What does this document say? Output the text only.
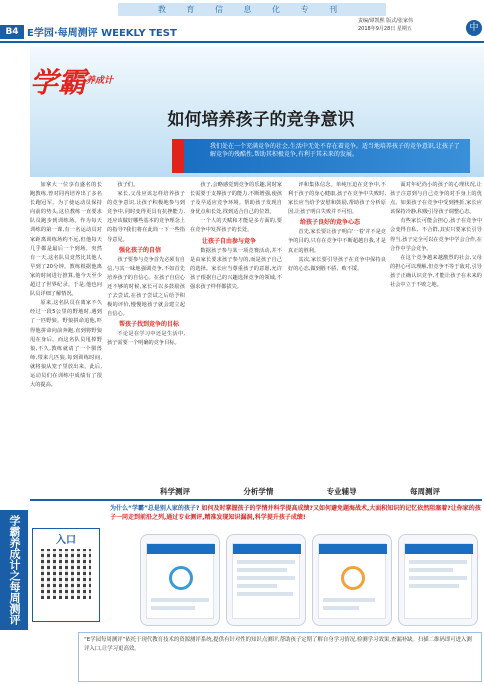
教 育 信 息 化 专 刊
B4 E学园·每周测评 WEEKLY TEST
责编/谭凯熙 版式/张家伟
2018年9月28日 星期五	中
学霸 养成计
如何培养孩子的竞争意识
我们处在一个充满竞争的社会,生活中无处不存在着竞争。适当地培养孩子的竞争意识,让孩子了解竞争的残酷性,帮助其积极竞争,有利于其未来的发展。

加拿大一位享有盛名的长跑教练,曾对同内培养出了多名长跑冠军。为了使运动员保持向前的势头,这位教练一直要求队员跑步到训练场。作为每天训练的第一课,有一名运动员对家距离训练场约不远,但他每天几乎都是最后一个到场。突然有一天,这名队员竟然比其他人早到了20分钟。教练根据他离家的时间进行推算,他今天至少超过了世界纪录。于是,他也问队员详细了解情况。

原来,这名队员在离家不久经过一段5公里的野地时,遇到了一匹野狼。野狼拼命追他,吓得他拼命向前奔跑,直到将野狼甩在身后。而这名队员甩掉野狼,不久,教练就请了一个驯兽师,带来几匹狼,每到训练时间,就将狼从笼子里放出来。此后,运动员们在训练中成绩有了很大的提高。

孩子们。

家长,父母应该怎样培养孩子的竞争意识,让孩子积极地参与到竞争中,同时变得更具有抗挫能力,还应该做好哪些基本的竞争理念上的指导?我们将在此简一下一些指导意见。

强化孩子的自信

孩子要参与竞争首先必须有自信,与其一味地强调竞争,不如首先培养孩子的自信心。在孩子自信心还不够的时候,家长可以多鼓励孩子去尝试,在孩子尝试之后给予积极的评价,慢慢地孩子就会建立起自信心。

帮孩子找到竞争的目标

不论是在学习中还是生活中,孩子需要一个明确的竞争目标。

孩子,会略感觉到竞争的乐趣,同时家长需要于支撑孩子的能力,不断增强,使孩子及早适应竞争环境。帮助孩子发现自身优点和长处,找到适合自己的位置。

一个人的天赋和才能是多方面的,要在竞争中发挥孩子的长处。

让孩子自由参与竞争

数据孩子参与某一项竞赛活动,并不是由家长要求孩子参与的,而是孩子自己的选择。家长应当尊重孩子的意愿,允许孩子根据自己的兴趣选择竞争的领域,不强求孩子样样都拔尖。

评和集体信念。单纯压迫在竞争中,不利于孩子的身心健康,孩子在竞争中失败时,家长应当给予安慰和鼓励,帮助孩子分析原因,让孩子明白失败并不可怕。

给孩子良好的竞争心态

首先,家长要让孩子明白'一着'并不是竞争的目的,只有在竞争中不断超越自我,才是真正的胜利。

其次,家长要引导孩子在竞争中保持良好的心态,做到胜不骄、败不馁。

面对年纪尚小的孩子的心理状况,让孩子注意到与自己竞争的对手身上的优点。如果孩子在竞争中受到挫折,家长应该保持冷静,积极引导孩子调整心态。

有些家长可能会担心,孩子在竞争中会变得自私、不合群,其实只要家长引导得当,孩子完全可以在竞争中学会合作,在合作中学会竞争。

在这个竞争越来越激烈的社会,父母的担心可以理解,但竞争不等于敌对,引导孩子正确认识竞争,才能让孩子在未来的社会中立于不败之地。

科学测评	分析学情	专业辅导	每周测评
学霸养成计之每周测评	入口
为什么“学霸”总是别人家的孩子? 如何及时掌握孩子的学情并科学提高成绩?又如何避免题海战术,大面积知识的记忆依然阻塞着?让你家的孩子一同走到前沿之列,通过专业测评,精准发现知识漏洞,科学提升孩子成绩!
“E学园每周测评”依托于现代教育技术的资源测评系统,提供有针对性的知识点测评,帮助孩子定期了解自身学习情况,检测学习效果,查漏补缺。扫描二维码即可进入测评入口,让学习更高效。
